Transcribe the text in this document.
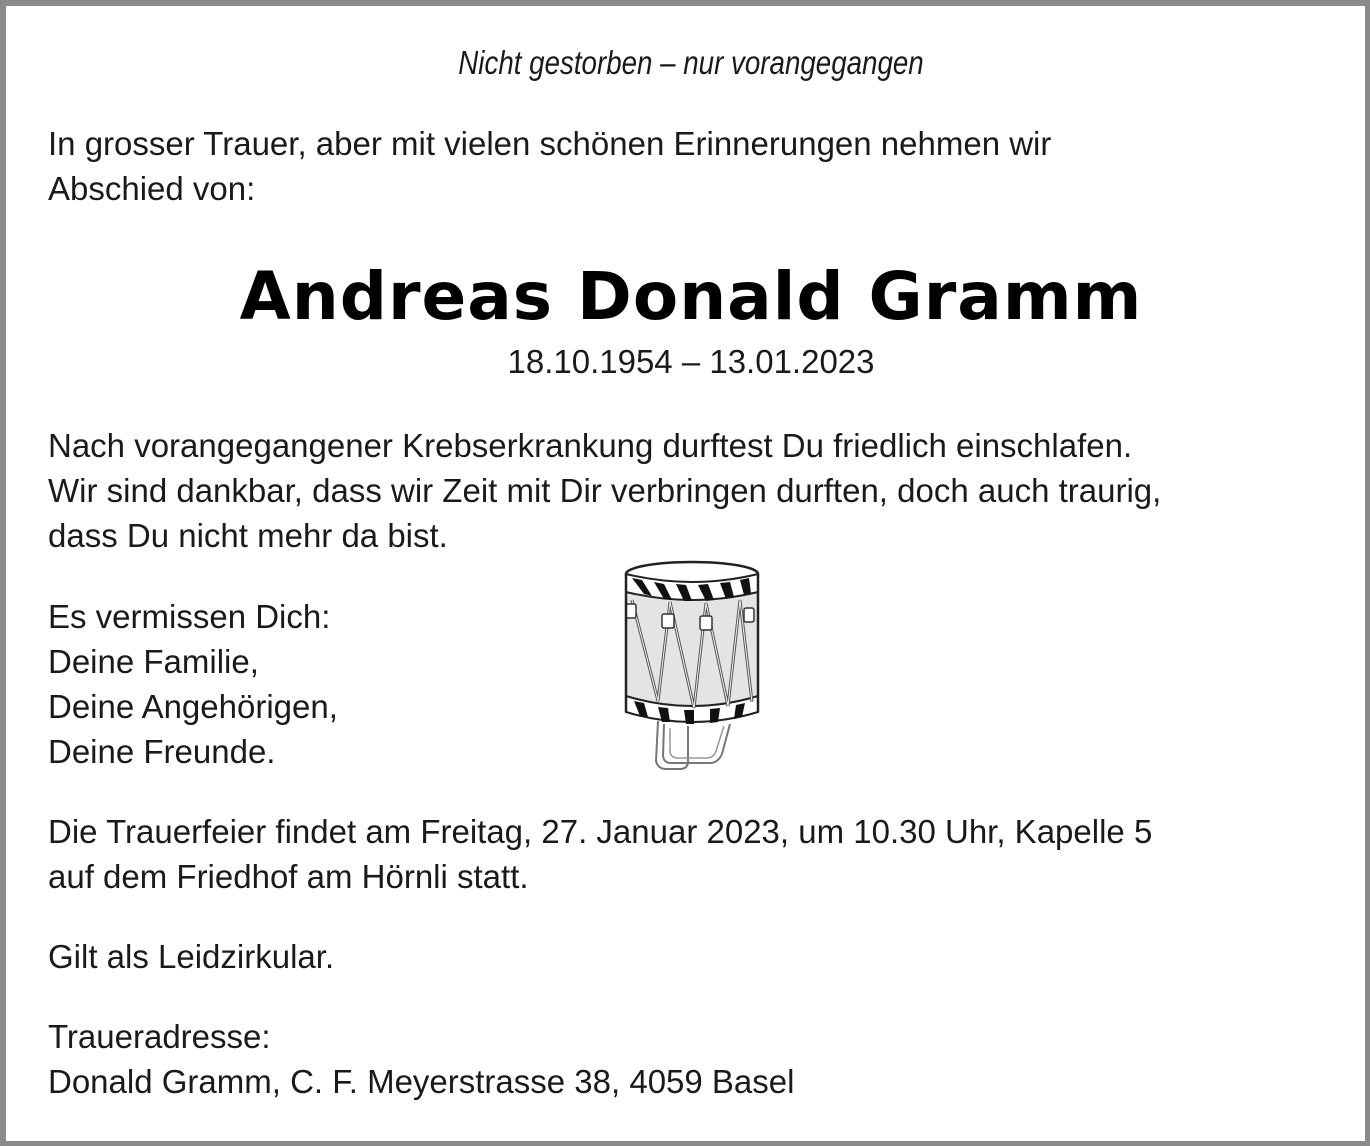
Nicht gestorben – nur vorangegangen
In grosser Trauer, aber mit vielen schönen Erinnerungen nehmen wir
Abschied von:
Andreas Donald Gramm
18.10.1954 – 13.01.2023
Nach vorangegangener Krebserkrankung durftest Du friedlich einschlafen.
Wir sind dankbar, dass wir Zeit mit Dir verbringen durften, doch auch traurig,
dass Du nicht mehr da bist.
Es vermissen Dich:
Deine Familie,
Deine Angehörigen,
Deine Freunde.
Die Trauerfeier findet am Freitag, 27. Januar 2023, um 10.30 Uhr, Kapelle 5
auf dem Friedhof am Hörnli statt.
Gilt als Leidzirkular.
Traueradresse:
Donald Gramm, C. F. Meyerstrasse 38, 4059 Basel
